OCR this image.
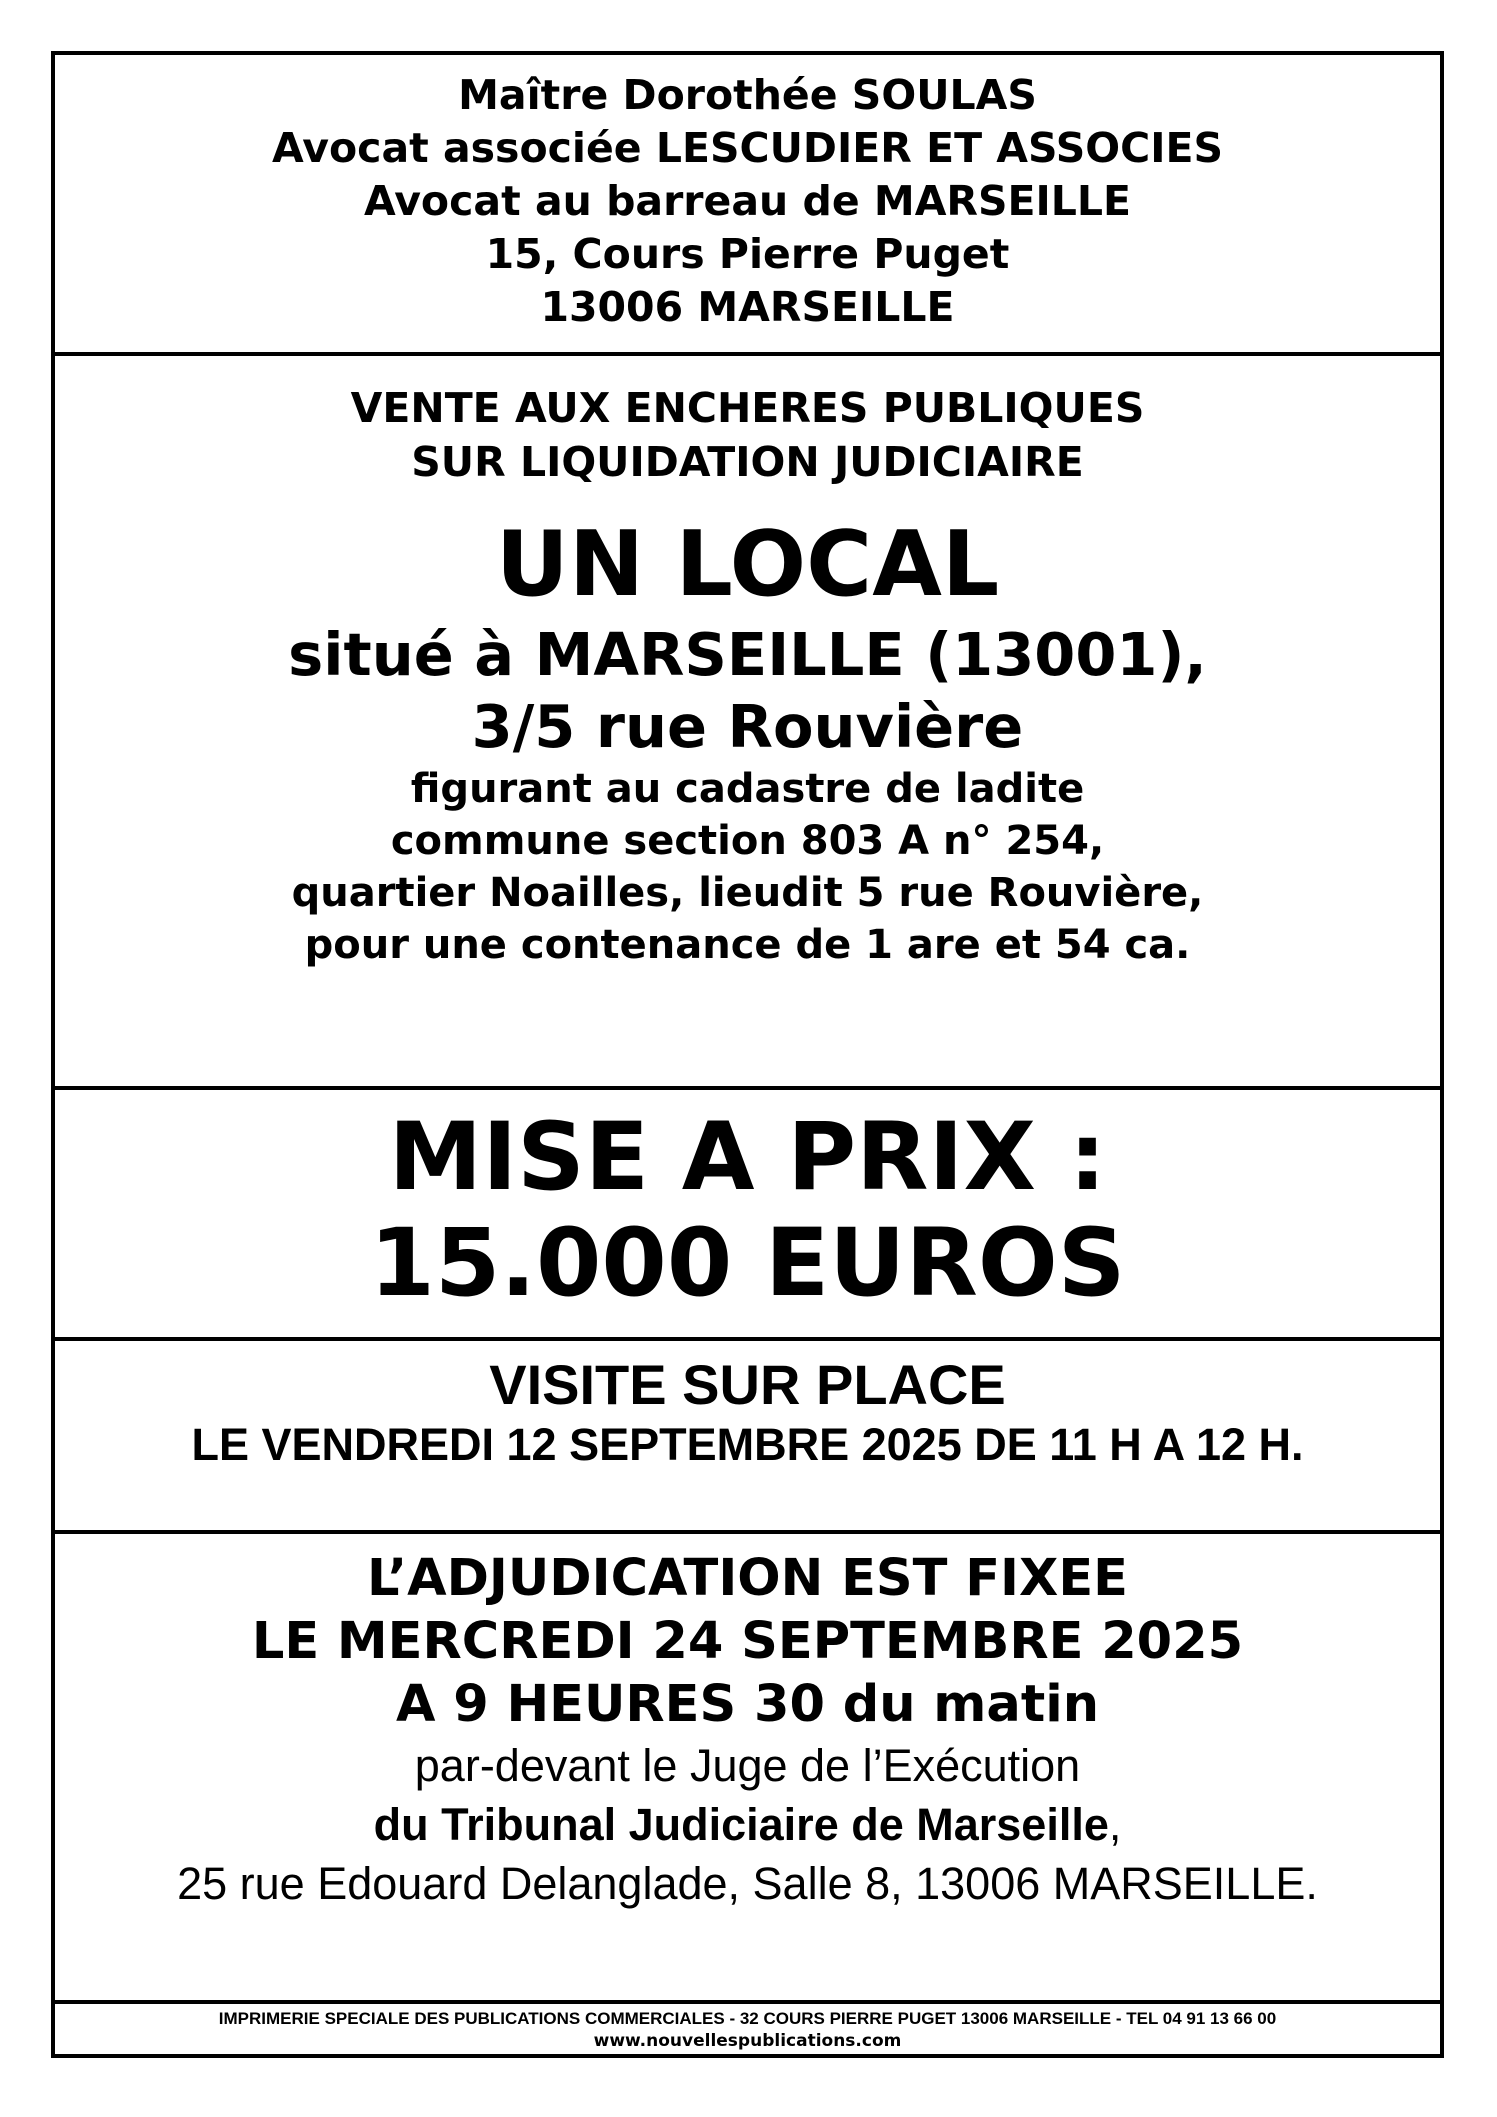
Maître Dorothée SOULAS
Avocat associée LESCUDIER ET ASSOCIES
Avocat au barreau de MARSEILLE
15, Cours Pierre Puget
13006 MARSEILLE
VENTE AUX ENCHERES PUBLIQUES
SUR LIQUIDATION JUDICIAIRE
UN LOCAL
situé à MARSEILLE (13001),
3/5 rue Rouvière
figurant au cadastre de ladite
commune section 803 A n° 254,
quartier Noailles, lieudit 5 rue Rouvière,
pour une contenance de 1 are et 54 ca.
MISE A PRIX :
15.000 EUROS
VISITE SUR PLACE
LE VENDREDI 12 SEPTEMBRE 2025 DE 11 H A 12 H.
L’ADJUDICATION EST FIXEE
LE MERCREDI 24 SEPTEMBRE 2025
A 9 HEURES 30 du matin
par-devant le Juge de l’Exécution
du Tribunal Judiciaire de Marseille,
25 rue Edouard Delanglade, Salle 8, 13006 MARSEILLE.
IMPRIMERIE SPECIALE DES PUBLICATIONS COMMERCIALES - 32 COURS PIERRE PUGET 13006 MARSEILLE - TEL 04 91 13 66 00
www.nouvellespublications.com
